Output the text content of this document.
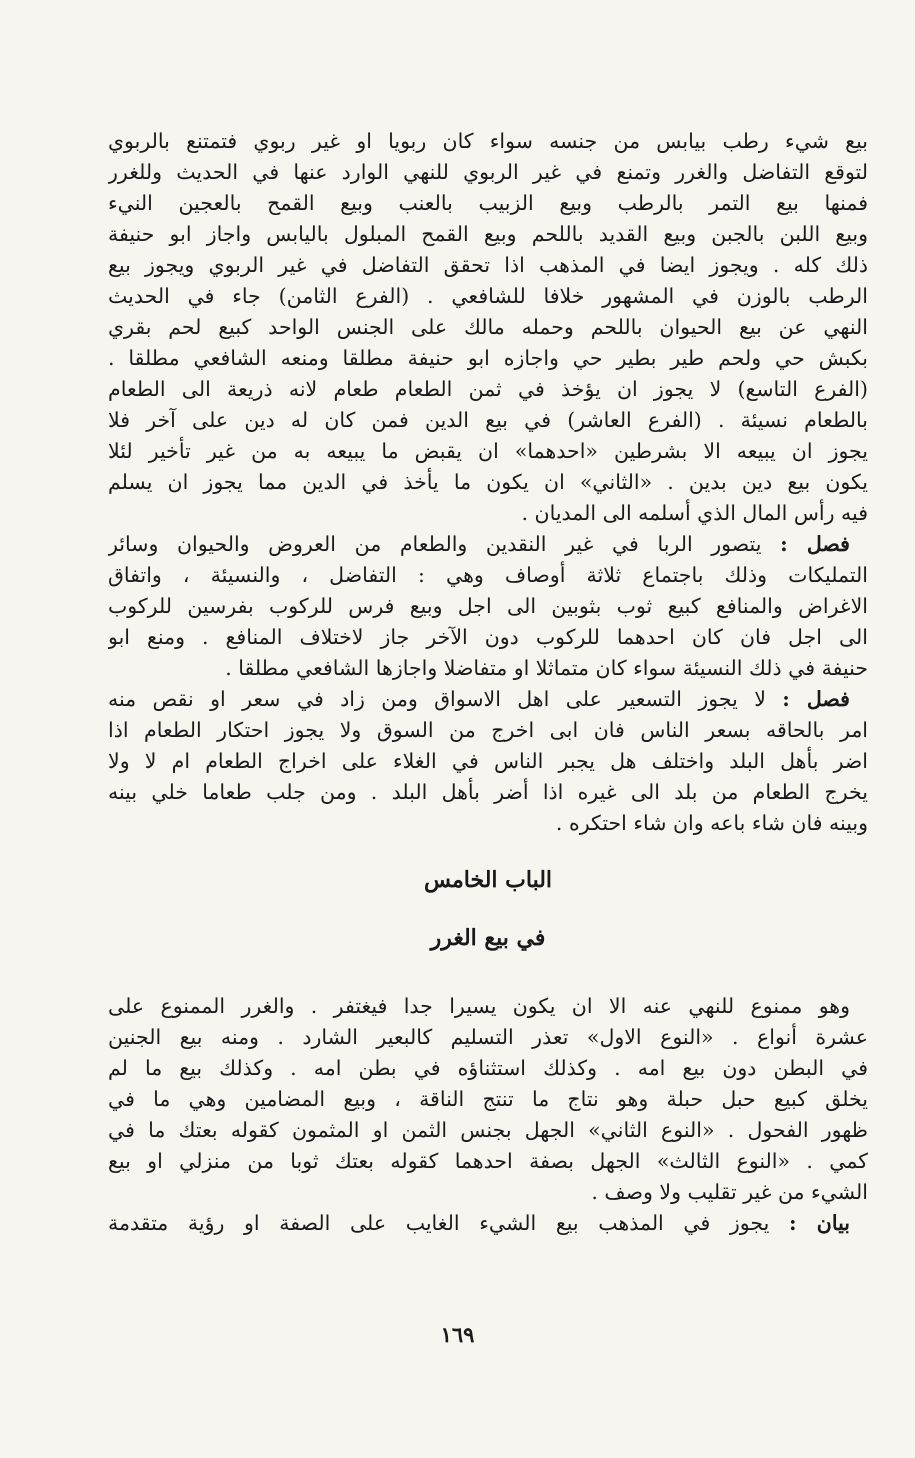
بيع شيء رطب بيابس من جنسه سواء كان ربويا او غير ربوي فتمتنع بالربوي
لتوقع التفاضل والغرر وتمنع في غير الربوي للنهي الوارد عنها في الحديث وللغرر
فمنها بيع التمر بالرطب وبيع الزبيب بالعنب وبيع القمح بالعجين النيء
وبيع اللبن بالجبن وبيع القديد باللحم وبيع القمح المبلول باليابس واجاز ابو حنيفة
ذلك كله . ويجوز ايضا في المذهب اذا تحقق التفاضل في غير الربوي ويجوز بيع
الرطب بالوزن في المشهور خلافا للشافعي . (الفرع الثامن) جاء في الحديث
النهي عن بيع الحيوان باللحم وحمله مالك على الجنس الواحد كبيع لحم بقري
بكبش حي ولحم طير بطير حي واجازه ابو حنيفة مطلقا ومنعه الشافعي مطلقا .
(الفرع التاسع) لا يجوز ان يؤخذ في ثمن الطعام طعام لانه ذريعة الى الطعام
بالطعام نسيئة . (الفرع العاشر) في بيع الدين فمن كان له دين على آخر فلا
يجوز ان يبيعه الا بشرطين «احدهما» ان يقبض ما يبيعه به من غير تأخير لئلا
يكون بيع دين بدين . «الثاني» ان يكون ما يأخذ في الدين مما يجوز ان يسلم
فيه رأس المال الذي أسلمه الى المديان .
فصل : يتصور الربا في غير النقدين والطعام من العروض والحيوان وسائر
التمليكات وذلك باجتماع ثلاثة أوصاف وهي : التفاضل ، والنسيئة ، واتفاق
الاغراض والمنافع كبيع ثوب بثوبين الى اجل وبيع فرس للركوب بفرسين للركوب
الى اجل فان كان احدهما للركوب دون الآخر جاز لاختلاف المنافع . ومنع ابو
حنيفة في ذلك النسيئة سواء كان متماثلا او متفاضلا واجازها الشافعي مطلقا .
فصل : لا يجوز التسعير على اهل الاسواق ومن زاد في سعر او نقص منه
امر بالحاقه بسعر الناس فان ابى اخرج من السوق ولا يجوز احتكار الطعام اذا
اضر بأهل البلد واختلف هل يجبر الناس في الغلاء على اخراج الطعام ام لا ولا
يخرج الطعام من بلد الى غيره اذا أضر بأهل البلد . ومن جلب طعاما خلي بينه
وبينه فان شاء باعه وان شاء احتكره .
الباب الخامس
في بيع الغرر
وهو ممنوع للنهي عنه الا ان يكون يسيرا جدا فيغتفر . والغرر الممنوع على
عشرة أنواع . «النوع الاول» تعذر التسليم كالبعير الشارد . ومنه بيع الجنين
في البطن دون بيع امه . وكذلك استثناؤه في بطن امه . وكذلك بيع ما لم
يخلق كبيع حبل حبلة وهو نتاج ما تنتج الناقة ، وبيع المضامين وهي ما في
ظهور الفحول . «النوع الثاني» الجهل بجنس الثمن او المثمون كقوله بعتك ما في
كمي . «النوع الثالث» الجهل بصفة احدهما كقوله بعتك ثوبا من منزلي او بيع
الشيء من غير تقليب ولا وصف .
بيان : يجوز في المذهب بيع الشيء الغايب على الصفة او رؤية متقدمة
١٦٩
